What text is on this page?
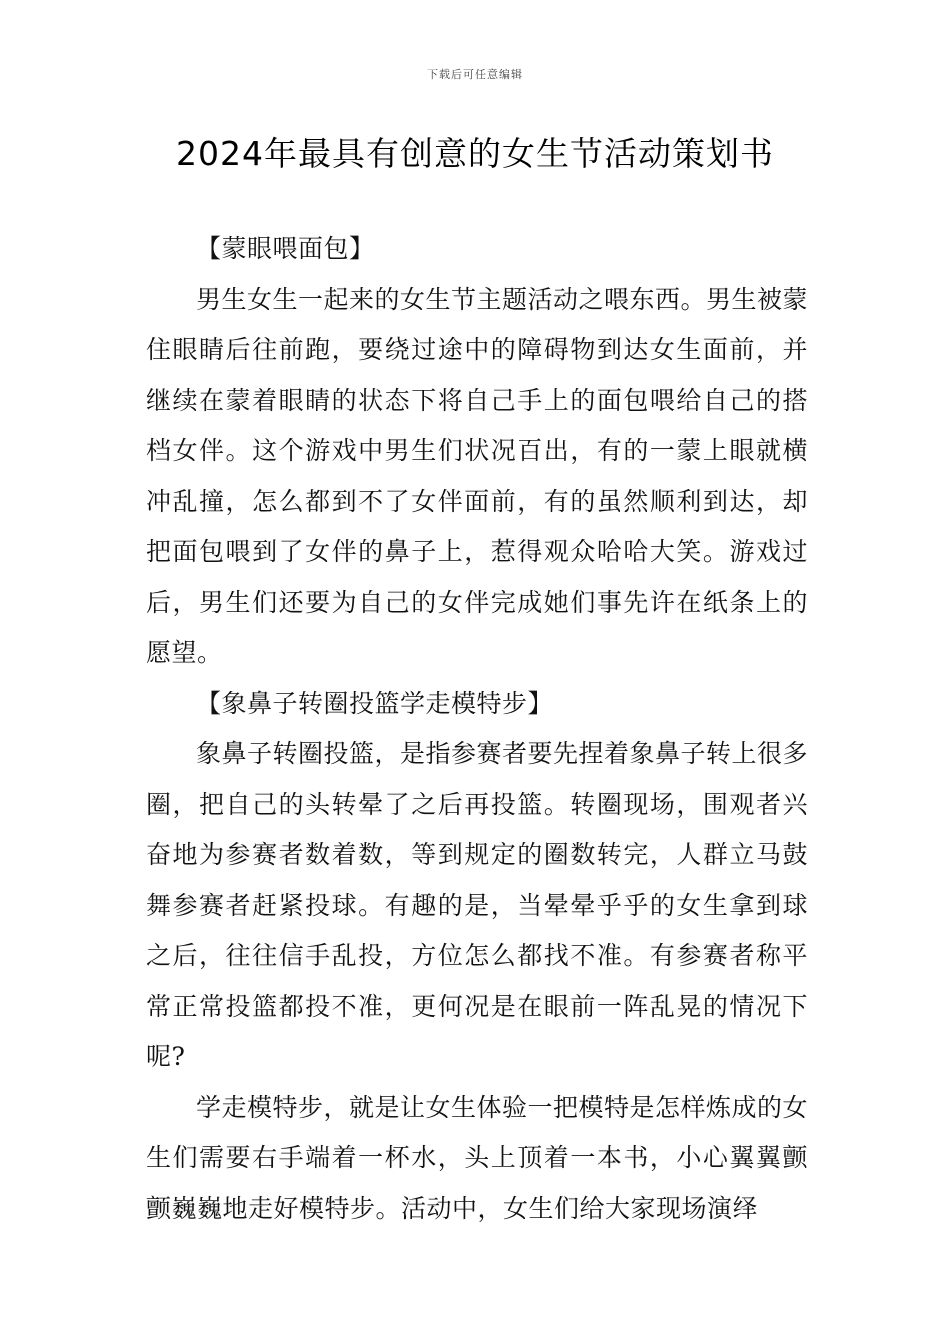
下载后可任意编辑
2024年最具有创意的女生节活动策划书

【蒙眼喂面包】

男生女生一起来的女生节主题活动之喂东西。男生被蒙住眼睛后往前跑，要绕过途中的障碍物到达女生面前，并继续在蒙着眼睛的状态下将自己手上的面包喂给自己的搭档女伴。这个游戏中男生们状况百出，有的一蒙上眼就横冲乱撞，怎么都到不了女伴面前，有的虽然顺利到达，却把面包喂到了女伴的鼻子上，惹得观众哈哈大笑。游戏过后，男生们还要为自己的女伴完成她们事先许在纸条上的愿望。

【象鼻子转圈投篮学走模特步】

象鼻子转圈投篮，是指参赛者要先捏着象鼻子转上很多圈，把自己的头转晕了之后再投篮。转圈现场，围观者兴奋地为参赛者数着数，等到规定的圈数转完，人群立马鼓舞参赛者赶紧投球。有趣的是，当晕晕乎乎的女生拿到球之后，往往信手乱投，方位怎么都找不准。有参赛者称平常正常投篮都投不准，更何况是在眼前一阵乱晃的情况下呢?

学走模特步，就是让女生体验一把模特是怎样炼成的女生们需要右手端着一杯水，头上顶着一本书，小心翼翼颤颤巍巍地走好模特步。活动中，女生们给大家现场演绎
